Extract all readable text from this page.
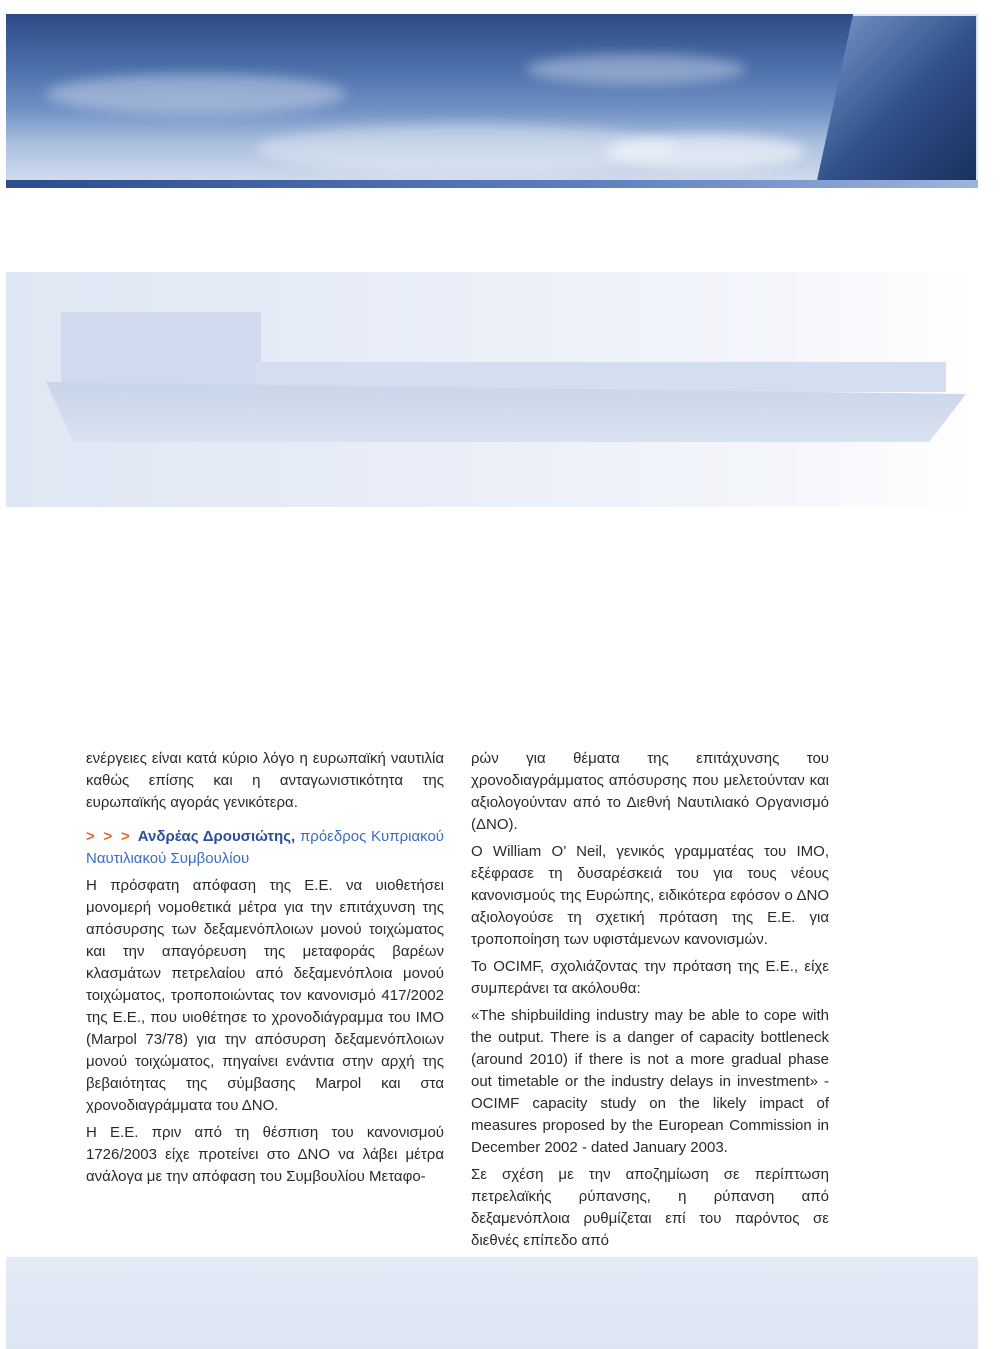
ενέργειες είναι κατά κύριο λόγο η ευρωπαϊκή ναυτιλία καθώς επίσης και η ανταγωνιστικότητα της ευρωπαϊκής αγοράς γενικότερα.

> > > Ανδρέας Δρουσιώτης, πρόεδρος Κυπριακού Ναυτιλιακού Συμβουλίου

Η πρόσφατη απόφαση της Ε.Ε. να υιοθετήσει μονομερή νομοθετικά μέτρα για την επιτάχυνση της απόσυρσης των δεξαμενόπλοιων μονού τοιχώματος και την απαγόρευση της μεταφοράς βαρέων κλασμάτων πετρελαίου από δεξαμενόπλοια μονού τοιχώματος, τροποποιώντας τον κανονισμό 417/2002 της Ε.Ε., που υιοθέτησε το χρονοδιάγραμμα του ΙΜΟ (Marpol 73/78) για την απόσυρση δεξαμενόπλοιων μονού τοιχώματος, πηγαίνει ενάντια στην αρχή της βεβαιότητας της σύμβασης Marpol και στα χρονοδιαγράμματα του ΔΝΟ.

Η Ε.Ε. πριν από τη θέσπιση του κανονισμού 1726/2003 είχε προτείνει στο ΔΝΟ να λάβει μέτρα ανάλογα με την απόφαση του Συμβουλίου Μεταφο-

ρών για θέματα της επιτάχυνσης του χρονοδιαγράμματος απόσυρσης που μελετούνταν και αξιολογούνταν από το Διεθνή Ναυτιλιακό Οργανισμό (ΔΝΟ).

Ο William O’ Neil, γενικός γραμματέας του ΙΜΟ, εξέφρασε τη δυσαρέσκειά του για τους νέους κανονισμούς της Ευρώπης, ειδικότερα εφόσον ο ΔΝΟ αξιολογούσε τη σχετική πρόταση της Ε.Ε. για τροποποίηση των υφιστάμενων κανονισμών.

Το OCIMF, σχολιάζοντας την πρόταση της Ε.Ε., είχε συμπεράνει τα ακόλουθα:

«The shipbuilding industry may be able to cope with the output. There is a danger of capacity bottleneck (around 2010) if there is not a more gradual phase out timetable or the industry delays in investment» - OCIMF capacity study on the likely impact of measures proposed by the European Commission in December 2002 - dated January 2003.

Σε σχέση με την αποζημίωση σε περίπτωση πετρελαϊκής ρύπανσης, η ρύπανση από δεξαμενόπλοια ρυθμίζεται επί του παρόντος σε διεθνές επίπεδο από
